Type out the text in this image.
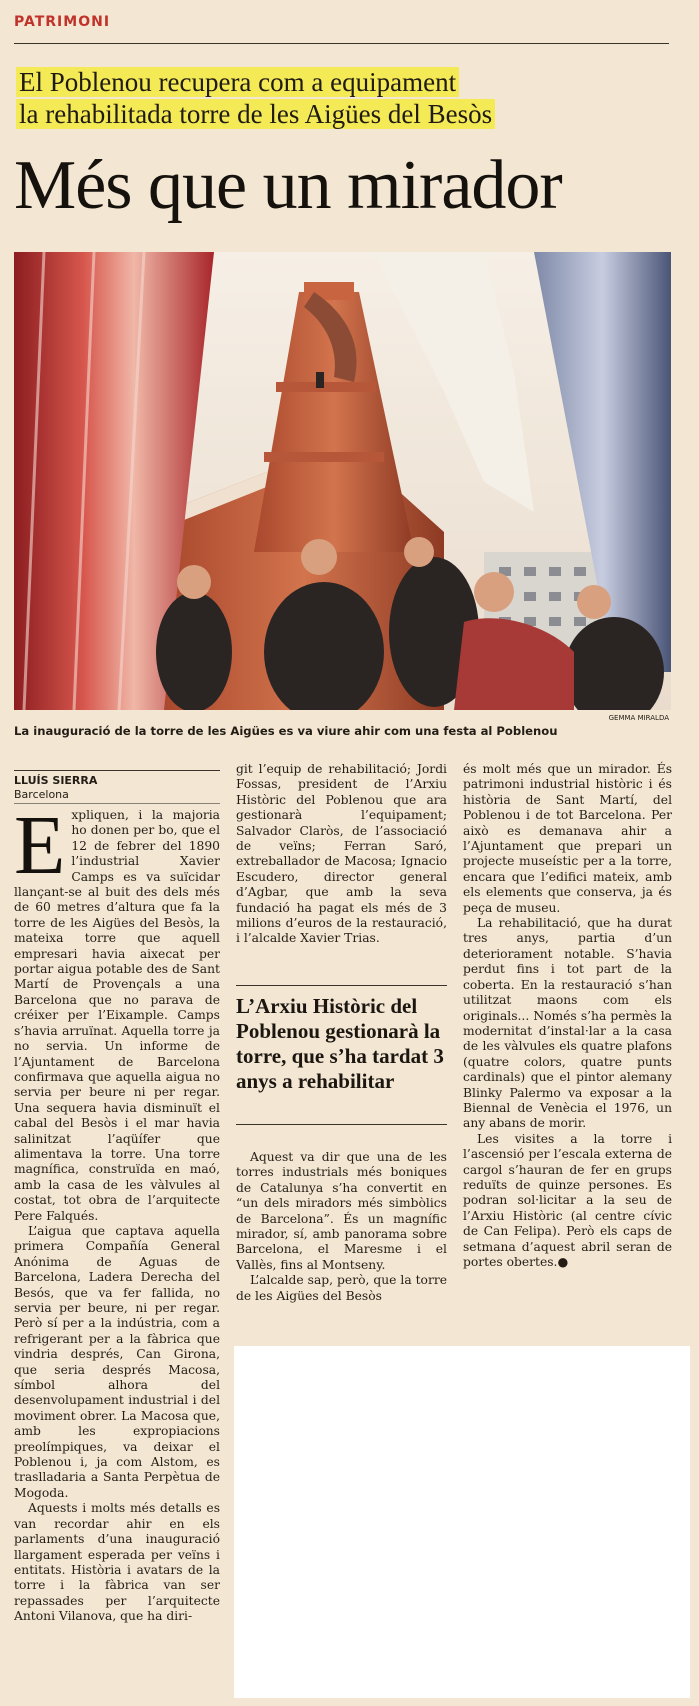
PATRIMONI
El Poblenou recupera com a equipament
la rehabilitada torre de les Aigües del Besòs
Més que un mirador
GEMMA MIRALDA
La inauguració de la torre de les Aigües es va viure ahir com una festa al Poblenou
LLUÍS SIERRA
Barcelona
E xpliquen, i la majoria ho donen per bo, que el 12 de febrer del 1890 l’industrial Xavier Camps es va suïcidar llançant-se al buit des dels més de 60 metres d’altura que fa la torre de les Aigües del Besòs, la mateixa torre que aquell empresari havia aixecat per portar aigua potable des de Sant Martí de Provençals a una Barcelona que no parava de créixer per l’Eixample. Camps s’havia arruïnat. Aquella torre ja no servia. Un informe de l’Ajuntament de Barcelona confirmava que aquella aigua no servia per beure ni per regar. Una sequera havia disminuït el cabal del Besòs i el mar havia salinitzat l’aqüífer que alimentava la torre. Una torre magnífica, construïda en maó, amb la casa de les vàlvules al costat, tot obra de l’arquitecte Pere Falqués.

L’aigua que captava aquella primera Compañía General Anónima de Aguas de Barcelona, Ladera Derecha del Besós, que va fer fallida, no servia per beure, ni per regar. Però sí per a la indústria, com a refrigerant per a la fàbrica que vindria després, Can Girona, que seria després Macosa, símbol alhora del desenvolupament industrial i del moviment obrer. La Macosa que, amb les expropiacions preolímpiques, va deixar el Poblenou i, ja com Alstom, es traslladaria a Santa Perpètua de Mogoda.

Aquests i molts més detalls es van recordar ahir en els parlaments d’una inauguració llargament esperada per veïns i entitats. Història i avatars de la torre i la fàbrica van ser repassades per l’arquitecte Antoni Vilanova, que ha diri-

git l’equip de rehabilitació; Jordi Fossas, president de l’Arxiu Històric del Poblenou que ara gestionarà l’equipament; Salvador Claròs, de l’associació de veïns; Ferran Saró, extreballador de Macosa; Ignacio Escudero, director general d’Agbar, que amb la seva fundació ha pagat els més de 3 milions d’euros de la restauració, i l’alcalde Xavier Trias.

L’Arxiu Històric del Poblenou gestionarà la torre, que s’ha tardat 3 anys a rehabilitar

Aquest va dir que una de les torres industrials més boniques de Catalunya s’ha convertit en “un dels miradors més simbòlics de Barcelona”. És un magnífic mirador, sí, amb panorama sobre Barcelona, el Maresme i el Vallès, fins al Montseny.

L’alcalde sap, però, que la torre de les Aigües del Besòs

és molt més que un mirador. És patrimoni industrial històric i és història de Sant Martí, del Poblenou i de tot Barcelona. Per això es demanava ahir a l’Ajuntament que prepari un projecte museístic per a la torre, encara que l’edifici mateix, amb els elements que conserva, ja és peça de museu.

La rehabilitació, que ha durat tres anys, partia d’un deteriorament notable. S’havia perdut fins i tot part de la coberta. En la restauració s’han utilitzat maons com els originals... Només s’ha permès la modernitat d’instal·lar a la casa de les vàlvules els quatre plafons (quatre colors, quatre punts cardinals) que el pintor alemany Blinky Palermo va exposar a la Biennal de Venècia el 1976, un any abans de morir.

Les visites a la torre i l’ascensió per l’escala externa de cargol s’hauran de fer en grups reduïts de quinze persones. Es podran sol·licitar a la seu de l’Arxiu Històric (al centre cívic de Can Felipa). Però els caps de setmana d’aquest abril seran de portes obertes.●
